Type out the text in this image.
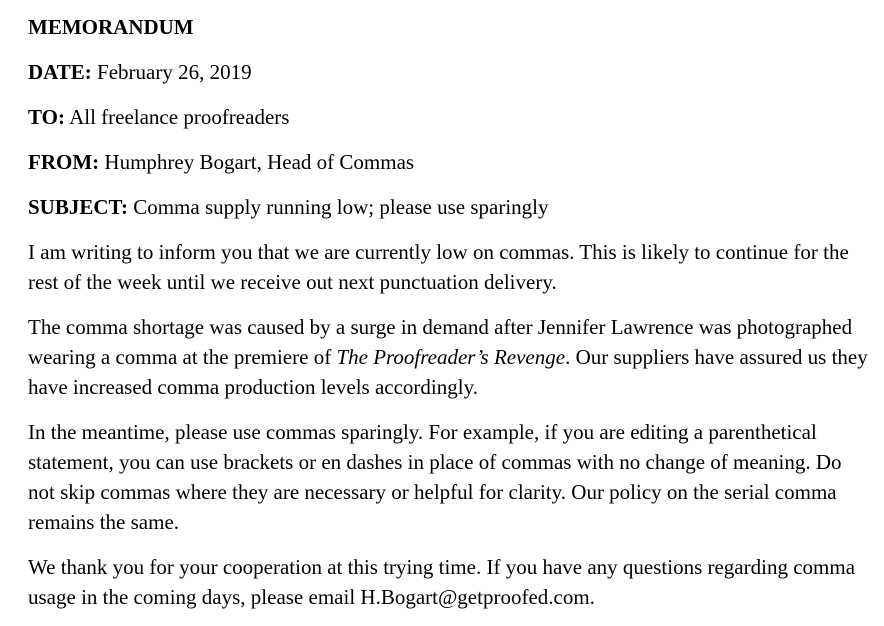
MEMORANDUM
DATE: February 26, 2019
TO: All freelance proofreaders
FROM: Humphrey Bogart, Head of Commas
SUBJECT: Comma supply running low; please use sparingly

I am writing to inform you that we are currently low on commas. This is likely to continue for the rest of the week until we receive out next punctuation delivery.

The comma shortage was caused by a surge in demand after Jennifer Lawrence was photographed wearing a comma at the premiere of The Proofreader’s Revenge. Our suppliers have assured us they have increased comma production levels accordingly.

In the meantime, please use commas sparingly. For example, if you are editing a parenthetical statement, you can use brackets or en dashes in place of commas with no change of meaning. Do not skip commas where they are necessary or helpful for clarity. Our policy on the serial comma remains the same.

We thank you for your cooperation at this trying time. If you have any questions regarding comma usage in the coming days, please email H.Bogart@getproofed.com.
